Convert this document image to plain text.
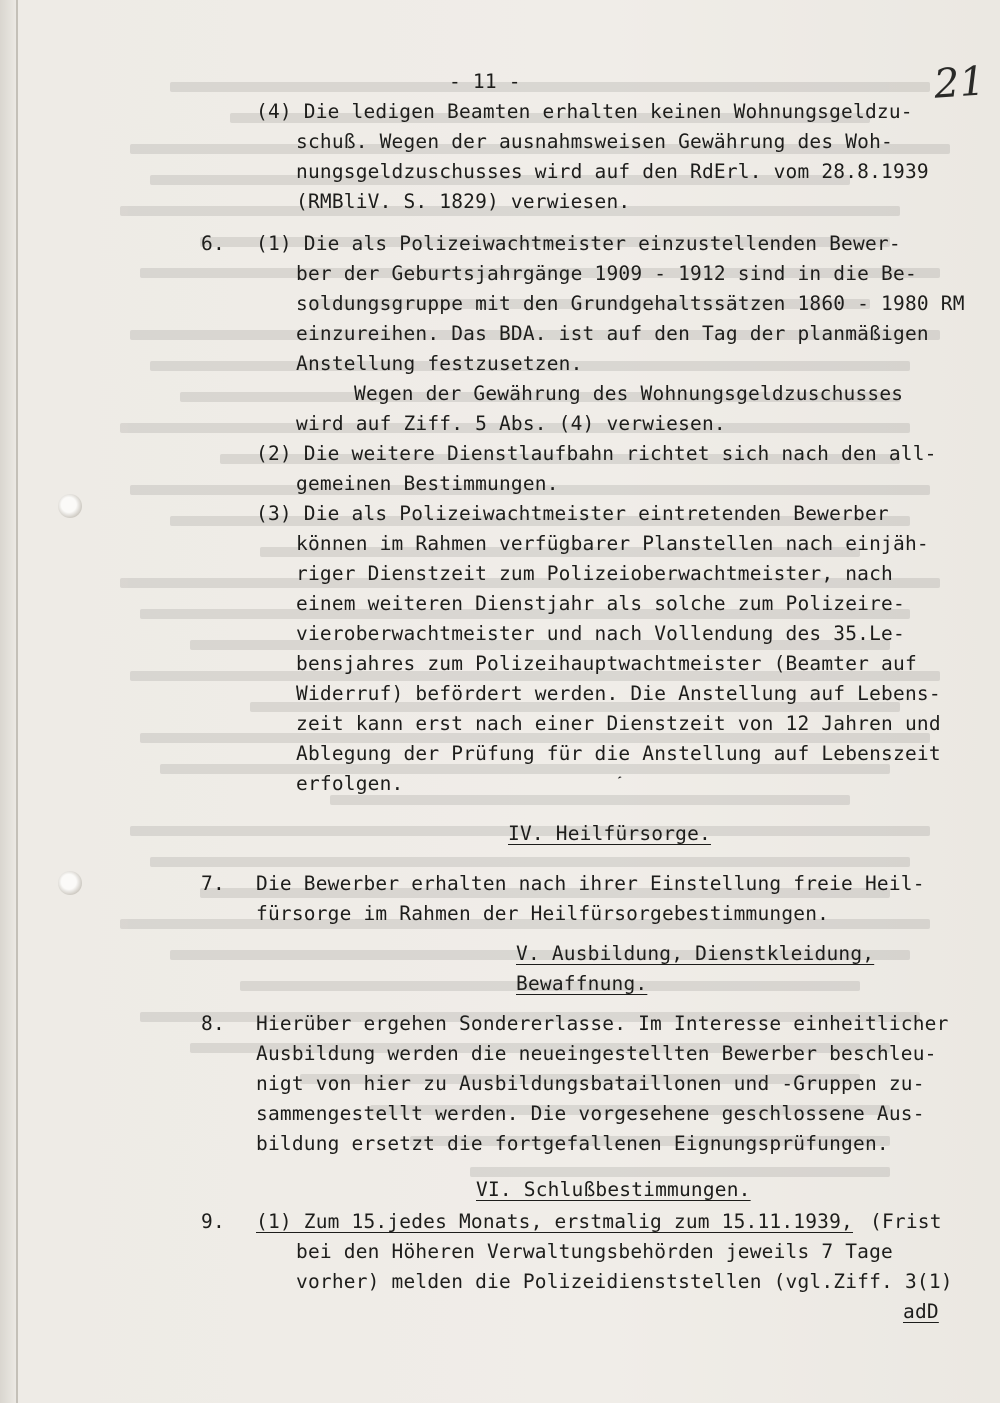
- 11 -	21
(4) Die ledigen Beamten erhalten keinen Wohnungsgeldzu-
schuß. Wegen der ausnahmsweisen Gewährung des Woh-
nungsgeldzuschusses wird auf den RdErl. vom 28.8.1939
(RMBliV. S. 1829) verwiesen.
6. (1) Die als Polizeiwachtmeister einzustellenden Bewer-
ber der Geburtsjahrgänge 1909 - 1912 sind in die Be-
soldungsgruppe mit den Grundgehaltssätzen 1860 - 1980 RM
einzureihen. Das BDA. ist auf den Tag der planmäßigen
Anstellung festzusetzen.
Wegen der Gewährung des Wohnungsgeldzuschusses
wird auf Ziff. 5 Abs. (4) verwiesen.
(2) Die weitere Dienstlaufbahn richtet sich nach den all-
gemeinen Bestimmungen.
(3) Die als Polizeiwachtmeister eintretenden Bewerber
können im Rahmen verfügbarer Planstellen nach einjäh-
riger Dienstzeit zum Polizeioberwachtmeister, nach
einem weiteren Dienstjahr als solche zum Polizeire-
vieroberwachtmeister und nach Vollendung des 35.Le-
bensjahres zum Polizeihauptwachtmeister (Beamter auf
Widerruf) befördert werden. Die Anstellung auf Lebens-
zeit kann erst nach einer Dienstzeit von 12 Jahren und
Ablegung der Prüfung für die Anstellung auf Lebenszeit
erfolgen.	ˊ
IV. Heilfürsorge.
7. Die Bewerber erhalten nach ihrer Einstellung freie Heil-
fürsorge im Rahmen der Heilfürsorgebestimmungen.
V. Ausbildung, Dienstkleidung,
Bewaffnung.
8. Hierüber ergehen Sondererlasse. Im Interesse einheitlicher
Ausbildung werden die neueingestellten Bewerber beschleu-
nigt von hier zu Ausbildungsbataillonen und -Gruppen zu-
sammengestellt werden. Die vorgesehene geschlossene Aus-
bildung ersetzt die fortgefallenen Eignungsprüfungen.
VI. Schlußbestimmungen.
9. (1) Zum 15.jedes Monats, erstmalig zum 15.11.1939, (Frist
bei den Höheren Verwaltungsbehörden jeweils 7 Tage
vorher) melden die Polizeidienststellen (vgl.Ziff. 3(1)
adD
